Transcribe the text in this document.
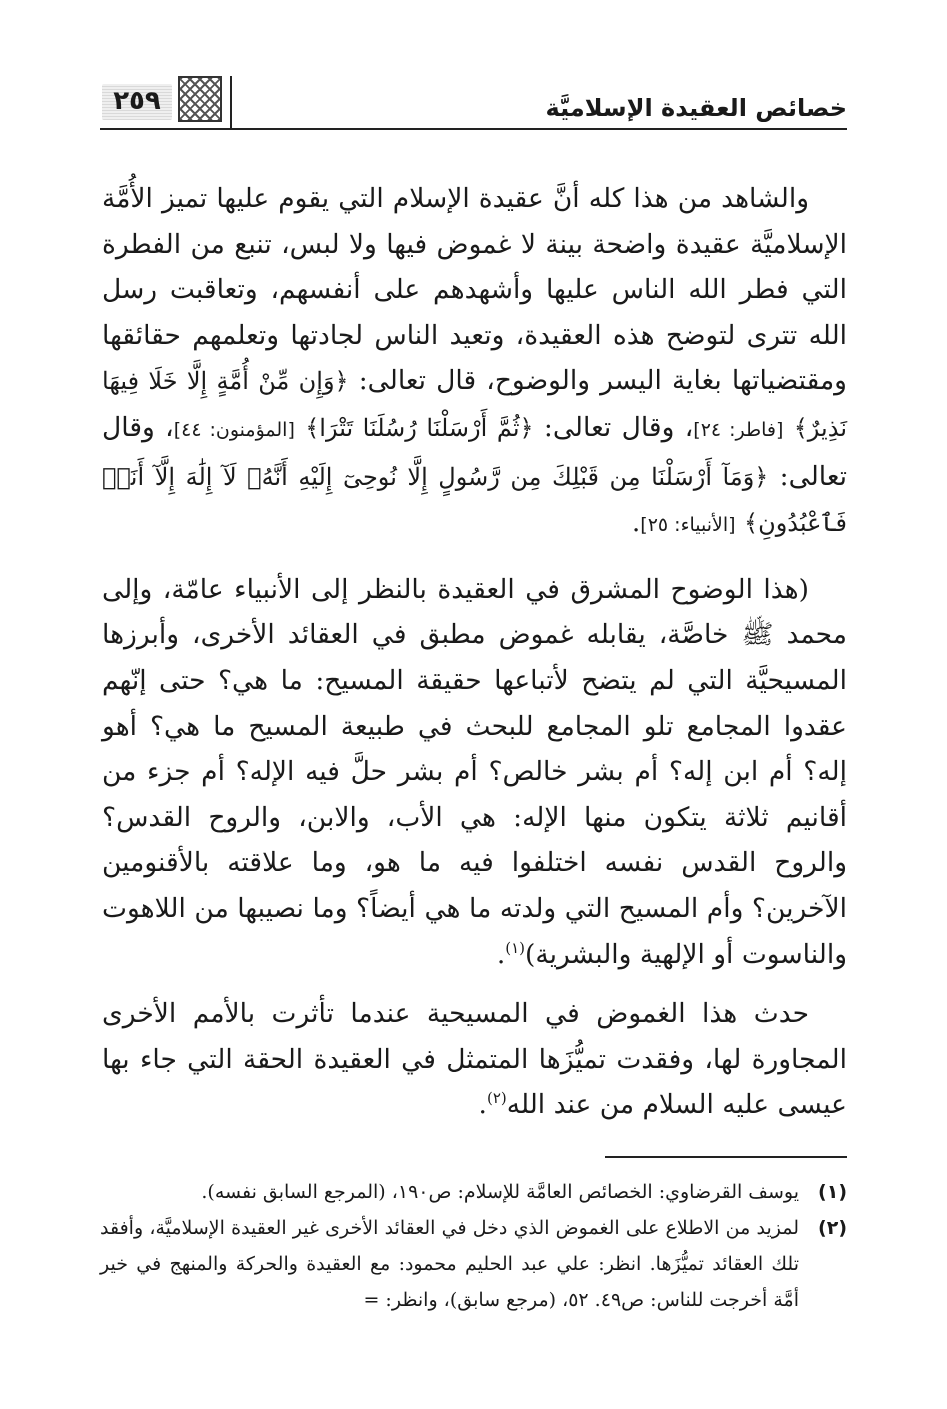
خصائص العقيدة الإسلاميَّة
٢٥٩

والشاهد من هذا كله أنَّ عقيدة الإسلام التي يقوم عليها تميز الأُمَّة الإسلاميَّة عقيدة واضحة بينة لا غموض فيها ولا لبس، تنبع من الفطرة التي فطر الله الناس عليها وأشهدهم على أنفسهم، وتعاقبت رسل الله تترى لتوضح هذه العقيدة، وتعيد الناس لجادتها وتعلمهم حقائقها ومقتضياتها بغاية اليسر والوضوح، قال تعالى: ﴿وَإِن مِّنْ أُمَّةٍ إِلَّا خَلَا فِيهَا نَذِيرٌ﴾ [فاطر: ٢٤]، وقال تعالى: ﴿ثُمَّ أَرْسَلْنَا رُسُلَنَا تَتْرَا﴾ [المؤمنون: ٤٤]، وقال تعالى: ﴿وَمَآ أَرْسَلْنَا مِن قَبْلِكَ مِن رَّسُولٍ إِلَّا نُوحِىٓ إِلَيْهِ أَنَّهُۥ لَآ إِلَٰهَ إِلَّآ أَنَا۠ فَٱعْبُدُونِ﴾ [الأنبياء: ٢٥].

(هذا الوضوح المشرق في العقيدة بالنظر إلى الأنبياء عامّة، وإلى محمد ﷺ خاصَّة، يقابله غموض مطبق في العقائد الأخرى، وأبرزها المسيحيَّة التي لم يتضح لأتباعها حقيقة المسيح: ما هي؟ حتى إنّهم عقدوا المجامع تلو المجامع للبحث في طبيعة المسيح ما هي؟ أهو إله؟ أم ابن إله؟ أم بشر خالص؟ أم بشر حلَّ فيه الإله؟ أم جزء من أقانيم ثلاثة يتكون منها الإله: هي الأب، والابن، والروح القدس؟ والروح القدس نفسه اختلفوا فيه ما هو، وما علاقته بالأقنومين الآخرين؟ وأم المسيح التي ولدته ما هي أيضاً؟ وما نصيبها من اللاهوت والناسوت أو الإلهية والبشرية)$^{(١)}$.

حدث هذا الغموض في المسيحية عندما تأثرت بالأمم الأخرى المجاورة لها، وفقدت تميُّزَها المتمثل في العقيدة الحقة التي جاء بها عيسى عليه السلام من عند الله$^{(٢)}$.

(١)
يوسف القرضاوي: الخصائص العامَّة للإسلام: ص١٩٠، (المرجع السابق نفسه).
(٢)
لمزيد من الاطلاع على الغموض الذي دخل في العقائد الأخرى غير العقيدة الإسلاميَّة، وأفقد تلك العقائد تميُّزَها. انظر: علي عبد الحليم محمود: مع العقيدة والحركة والمنهج في خير أمَّة أخرجت للناس: ص٤٩. ٥٢، (مرجع سابق)، وانظر: =
